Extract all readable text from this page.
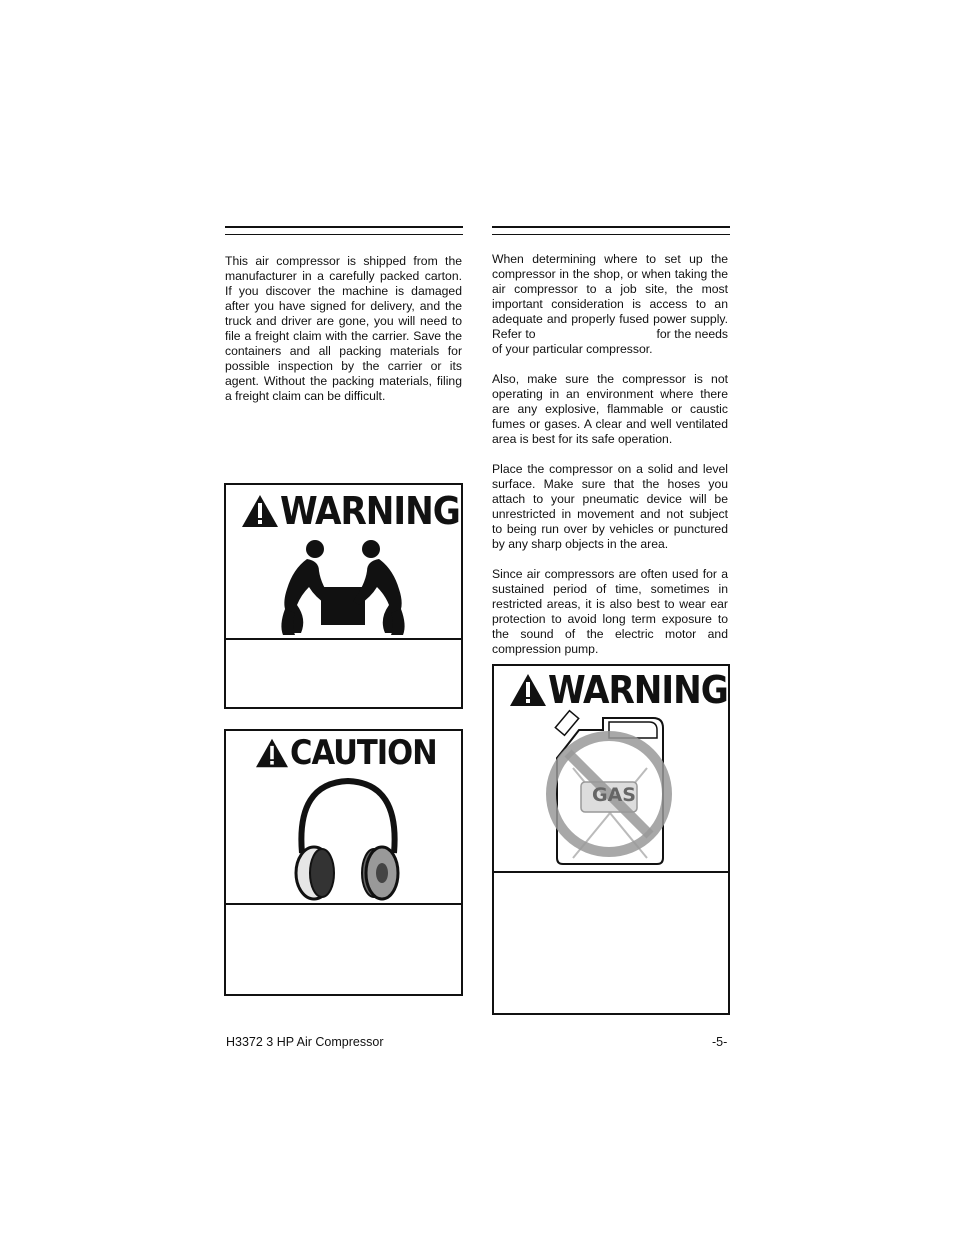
This air compressor is shipped from the manufacturer in a carefully packed carton. If you discover the machine is damaged after you have signed for delivery, and the truck and driver are gone, you will need to file a freight claim with the carrier. Save the containers and all packing materials for possible inspection by the carrier or its agent. Without the packing materials, filing a freight claim can be difficult.

WARNING
CAUTION

When determining where to set up the compressor in the shop, or when taking the air compressor to a job site, the most important consideration is access to an adequate and properly fused power supply. Refer to                                  for the needs of your particular compressor.

Also, make sure the compressor is not operating in an environment where there are any explosive, flammable or caustic fumes or gases. A clear and well ventilated area is best for its safe operation.

Place the compressor on a solid and level surface. Make sure that the hoses you attach to your pneumatic device will be unrestricted in movement and not subject to being run over by vehicles or punctured by any sharp objects in the area.

Since air compressors are often used for a sustained period of time, sometimes in restricted areas, it is also best to wear ear protection to avoid long term exposure to the sound of the electric motor and compression pump.

WARNING
GAS
H3372 3 HP Air Compressor	-5-
